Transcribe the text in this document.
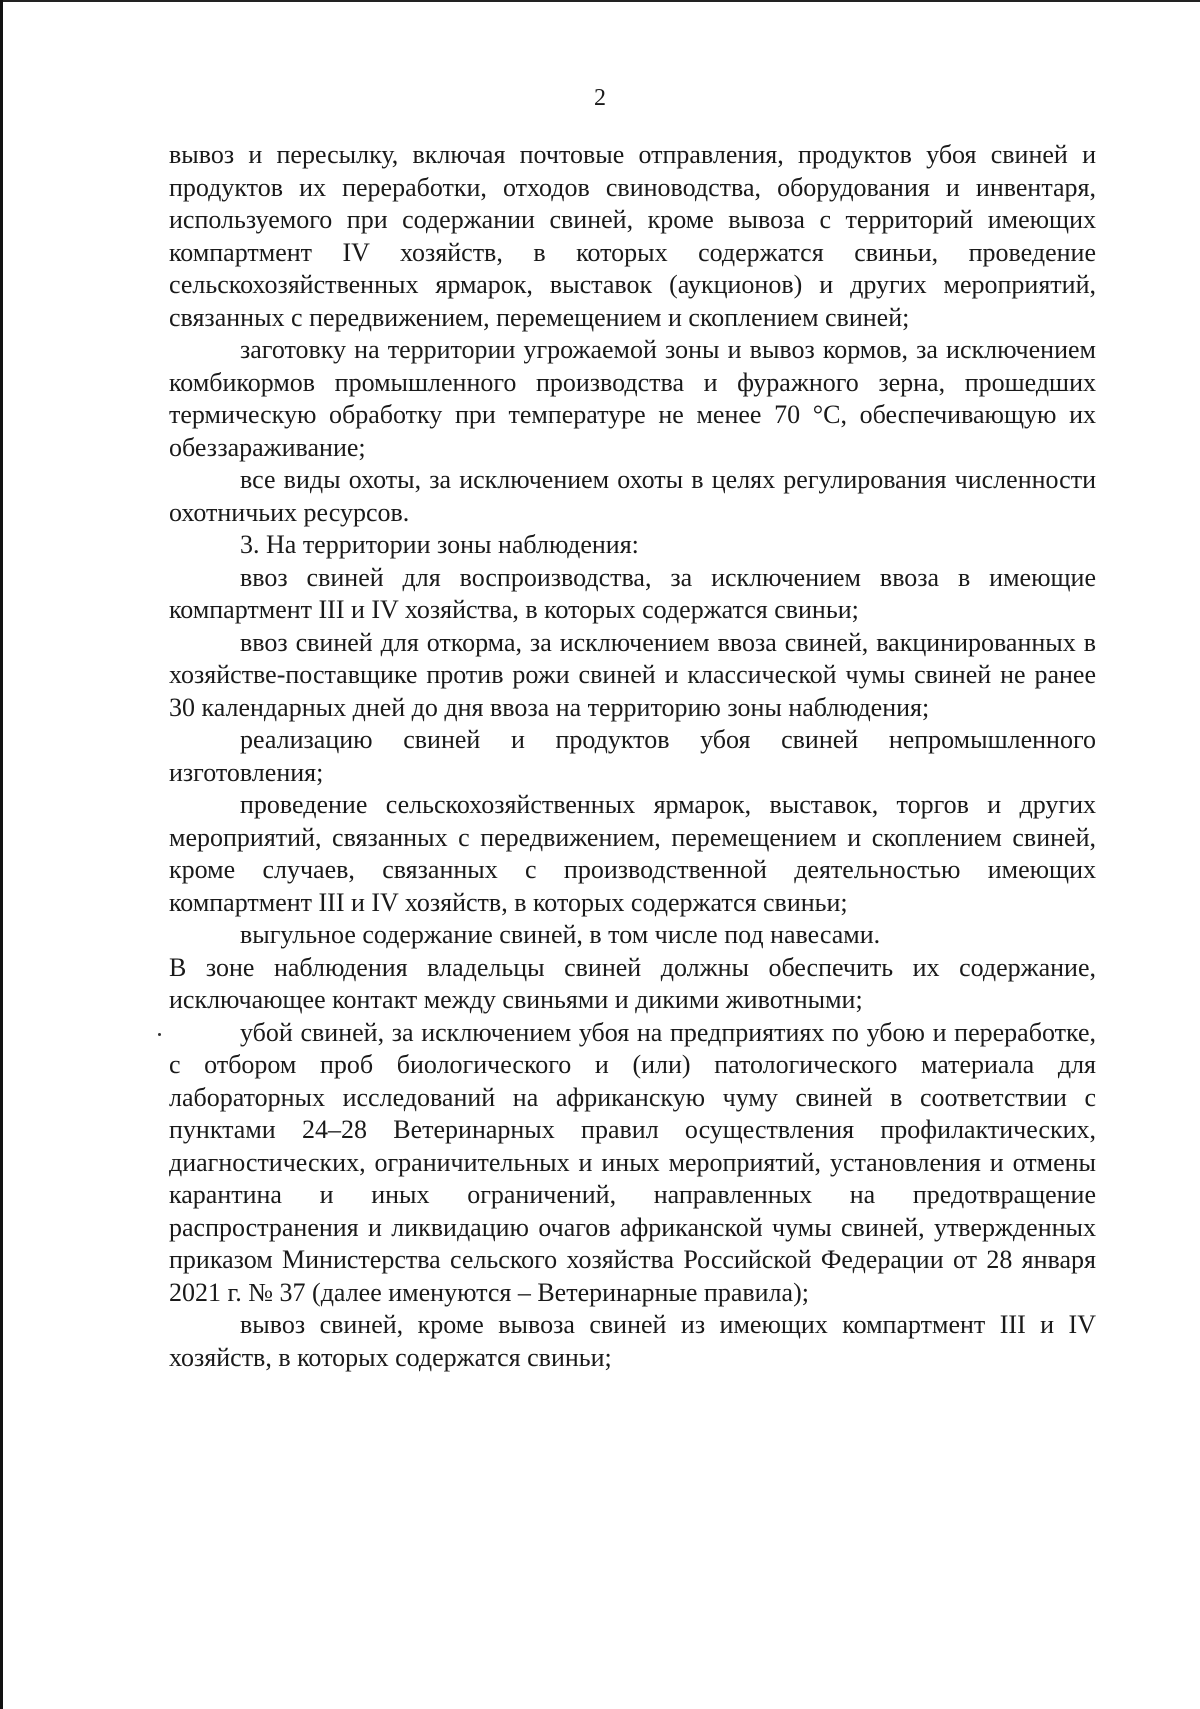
2

вывоз и пересылку, включая почтовые отправления, продуктов убоя свиней и продуктов их переработки, отходов свиноводства, оборудования и инвентаря, используемого при содержании свиней, кроме вывоза с территорий имеющих компартмент IV хозяйств, в которых содержатся свиньи, проведение сельскохозяйственных ярмарок, выставок (аукционов) и других мероприятий, связанных с передвижением, перемещением и скоплением свиней;

заготовку на территории угрожаемой зоны и вывоз кормов, за исключением комбикормов промышленного производства и фуражного зерна, прошедших термическую обработку при температуре не менее 70 °С, обеспечивающую их обеззараживание;

все виды охоты, за исключением охоты в целях регулирования численности охотничьих ресурсов.

3. На территории зоны наблюдения:

ввоз свиней для воспроизводства, за исключением ввоза в имеющие компартмент III и IV хозяйства, в которых содержатся свиньи;

ввоз свиней для откорма, за исключением ввоза свиней, вакцинированных в хозяйстве-поставщике против рожи свиней и классической чумы свиней не ранее 30 календарных дней до дня ввоза на территорию зоны наблюдения;

реализацию свиней и продуктов убоя свиней непромышленного изготовления;

проведение сельскохозяйственных ярмарок, выставок, торгов и других мероприятий, связанных с передвижением, перемещением и скоплением свиней, кроме случаев, связанных с производственной деятельностью имеющих компартмент III и IV хозяйств, в которых содержатся свиньи;

выгульное содержание свиней, в том числе под навесами.

В зоне наблюдения владельцы свиней должны обеспечить их содержание, исключающее контакт между свиньями и дикими животными;

убой свиней, за исключением убоя на предприятиях по убою и переработке, с отбором проб биологического и (или) патологического материала для лабораторных исследований на африканскую чуму свиней в соответствии с пунктами 24–28 Ветеринарных правил осуществления профилактических, диагностических, ограничительных и иных мероприятий, установления и отмены карантина и иных ограничений, направленных на предотвращение распространения и ликвидацию очагов африканской чумы свиней, утвержденных приказом Министерства сельского хозяйства Российской Федерации от 28 января 2021 г. № 37 (далее именуются – Ветеринарные правила);

вывоз свиней, кроме вывоза свиней из имеющих компартмент III и IV хозяйств, в которых содержатся свиньи;
